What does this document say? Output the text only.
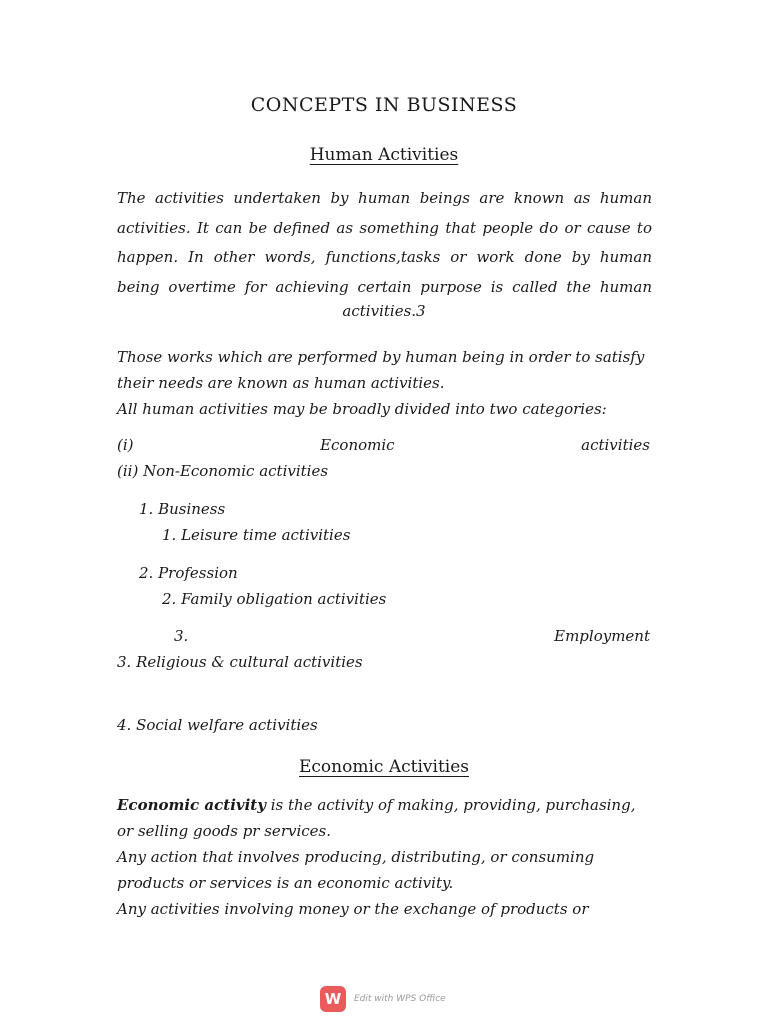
CONCEPTS IN BUSINESS
Human Activities
The activities undertaken by human beings are known as human activities. It can be defined as something that people do or cause to happen. In other words, functions,tasks or work done by human being overtime for achieving certain purpose is called the human
activities.3
Those works which are performed by human being in order to satisfy
their needs are known as human activities.
All human activities may be broadly divided into two categories:
(i)	Economic	activities
(ii) Non-Economic activities
1. Business
1. Leisure time activities
2. Profession
2. Family obligation activities
3.	Employment
3. Religious & cultural activities
4. Social welfare activities
Economic Activities
Economic activity is the activity of making, providing, purchasing,
or selling goods pr services.
Any action that involves producing, distributing, or consuming
products or services is an economic activity.
Any activities involving money or the exchange of products or
W	Edit with WPS Office
